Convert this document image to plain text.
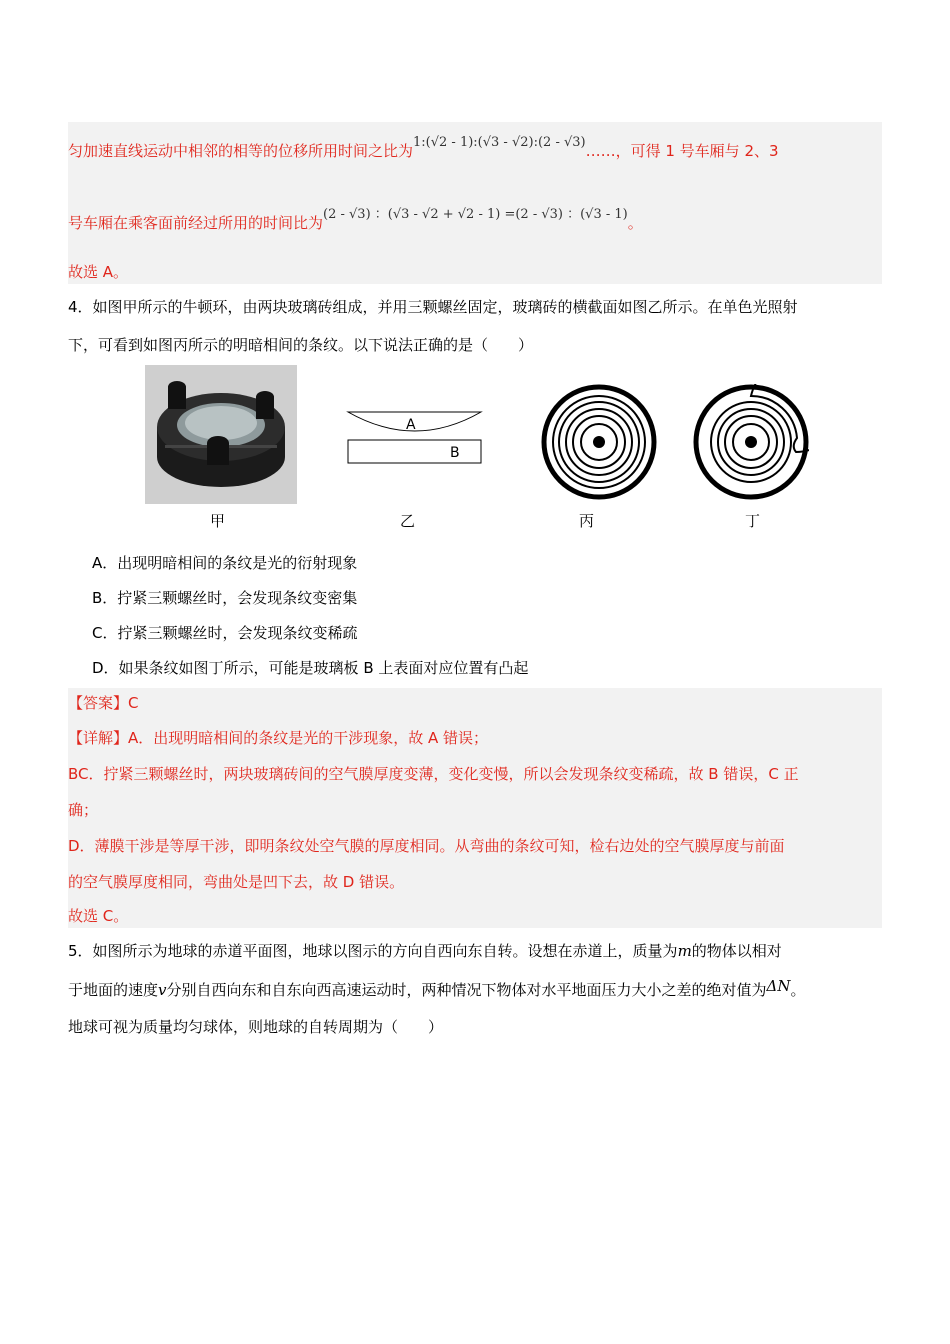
匀加速直线运动中相邻的相等的位移所用时间之比为1:(√2 - 1):(√3 - √2):(2 - √3)……，可得 1 号车厢与 2、3
号车厢在乘客面前经过所用的时间比为(2 - √3) ：(√3 - √2 + √2 - 1) =(2 - √3) ：(√3 - 1)。
故选 A。
4．如图甲所示的牛顿环，由两块玻璃砖组成，并用三颗螺丝固定，玻璃砖的横截面如图乙所示。在单色光照射
下，可看到如图丙所示的明暗相间的条纹。以下说法正确的是（　　）
A
B
甲	乙	丙	丁
A．出现明暗相间的条纹是光的衍射现象
B．拧紧三颗螺丝时，会发现条纹变密集
C．拧紧三颗螺丝时，会发现条纹变稀疏
D．如果条纹如图丁所示，可能是玻璃板 B 上表面对应位置有凸起
【答案】C
【详解】A．出现明暗相间的条纹是光的干涉现象，故 A 错误；
BC．拧紧三颗螺丝时，两块玻璃砖间的空气膜厚度变薄，变化变慢，所以会发现条纹变稀疏，故 B 错误，C 正
确；
D．薄膜干涉是等厚干涉，即明条纹处空气膜的厚度相同。从弯曲的条纹可知，检右边处的空气膜厚度与前面
的空气膜厚度相同，弯曲处是凹下去，故 D 错误。
故选 C。
5．如图所示为地球的赤道平面图，地球以图示的方向自西向东自转。设想在赤道上，质量为m的物体以相对
于地面的速度v分别自西向东和自东向西高速运动时，两种情况下物体对水平地面压力大小之差的绝对值为ΔN。
地球可视为质量均匀球体，则地球的自转周期为（　　）
